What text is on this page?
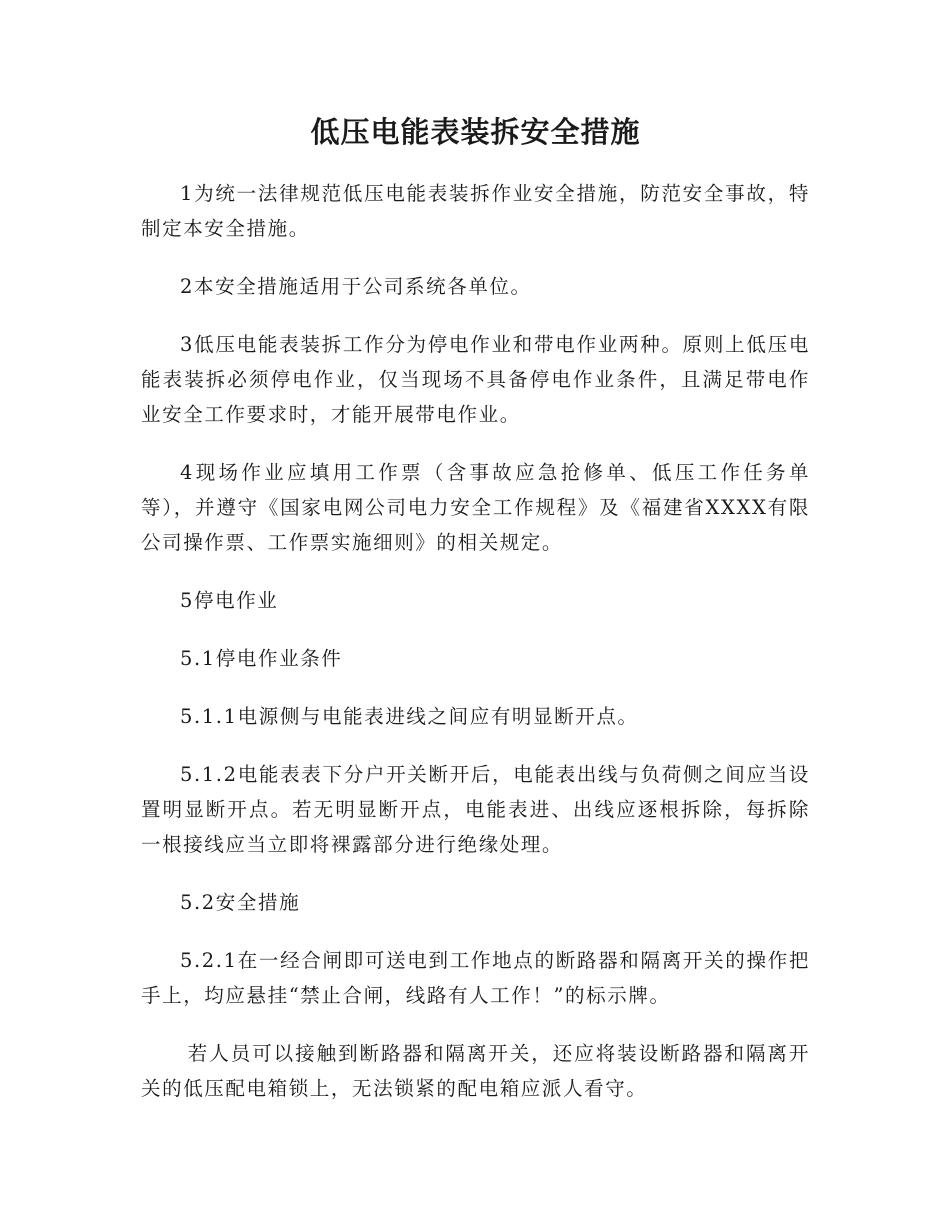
低压电能表装拆安全措施

1为统一法律规范低压电能表装拆作业安全措施，防范安全事故，特制定本安全措施。

2本安全措施适用于公司系统各单位。

3低压电能表装拆工作分为停电作业和带电作业两种。原则上低压电能表装拆必须停电作业，仅当现场不具备停电作业条件，且满足带电作业安全工作要求时，才能开展带电作业。

4现场作业应填用工作票（含事故应急抢修单、低压工作任务单等），并遵守《国家电网公司电力安全工作规程》及《福建省XXXX有限公司操作票、工作票实施细则》的相关规定。

5停电作业

5.1停电作业条件

5.1.1电源侧与电能表进线之间应有明显断开点。

5.1.2电能表表下分户开关断开后，电能表出线与负荷侧之间应当设置明显断开点。若无明显断开点，电能表进、出线应逐根拆除，每拆除一根接线应当立即将裸露部分进行绝缘处理。

5.2安全措施

5.2.1在一经合闸即可送电到工作地点的断路器和隔离开关的操作把手上，均应悬挂“禁止合闸，线路有人工作！”的标示牌。

若人员可以接触到断路器和隔离开关，还应将装设断路器和隔离开关的低压配电箱锁上，无法锁紧的配电箱应派人看守。
